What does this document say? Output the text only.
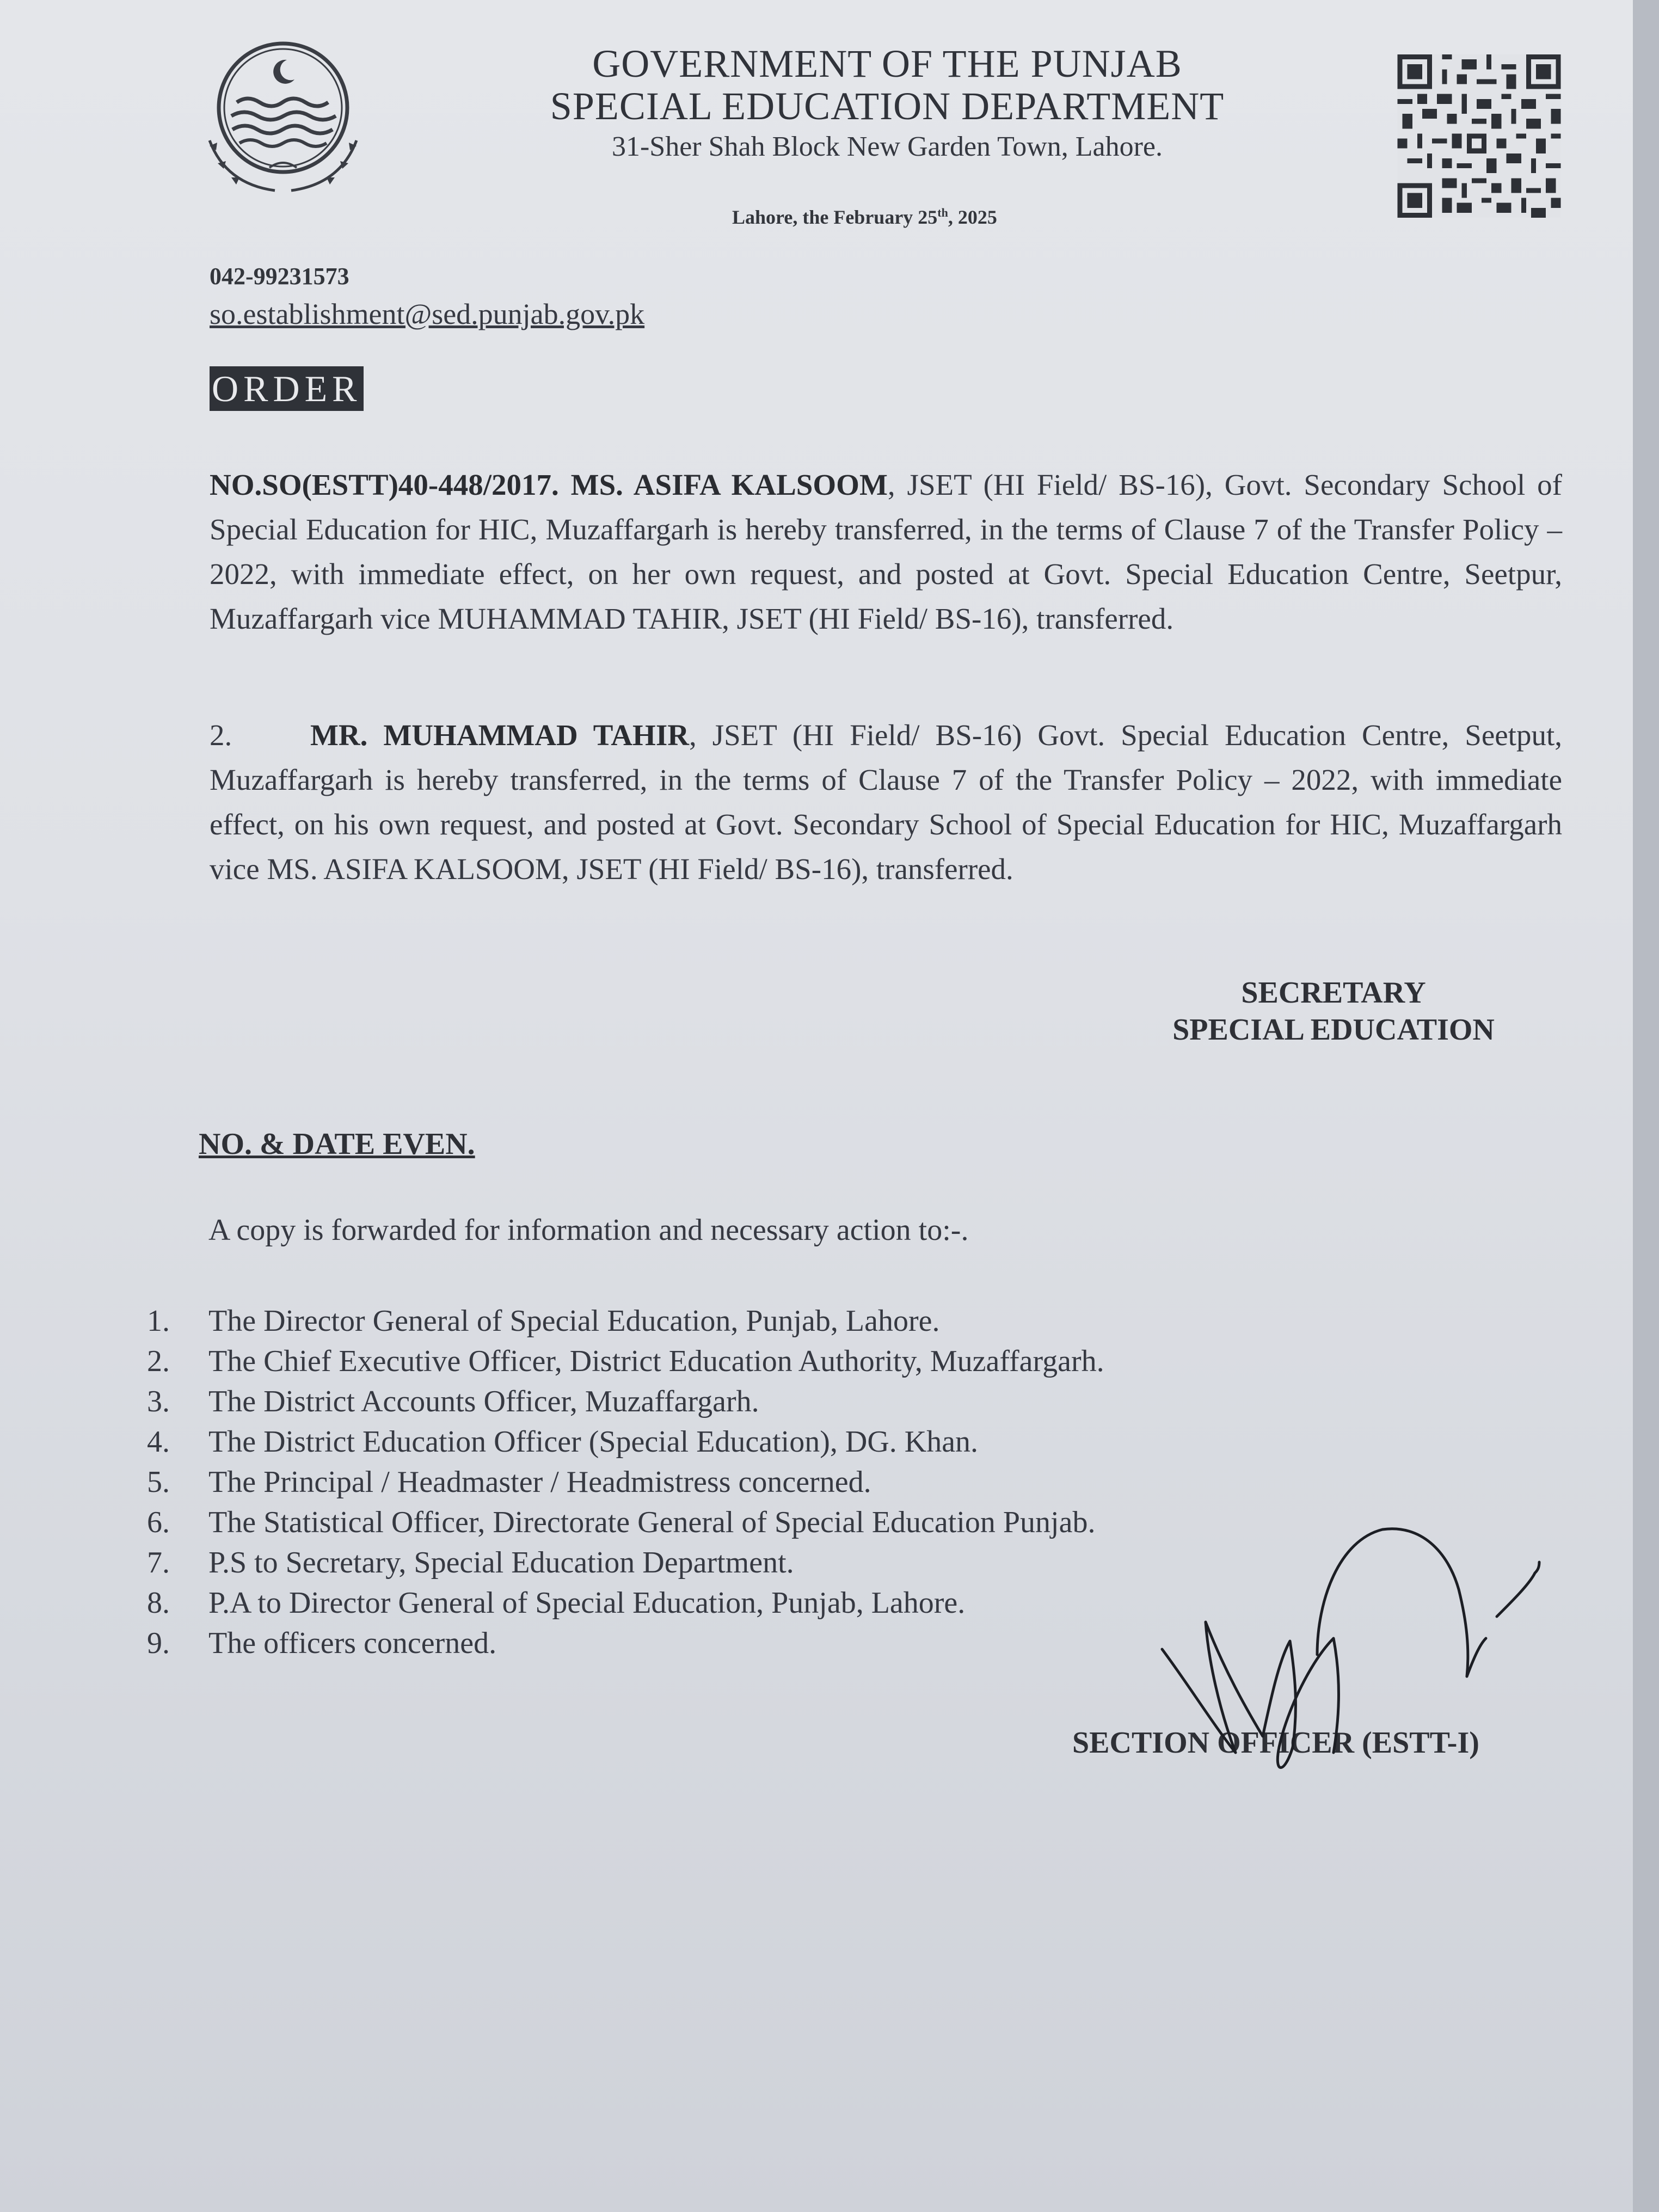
GOVERNMENT OF THE PUNJAB
SPECIAL EDUCATION DEPARTMENT
31-Sher Shah Block New Garden Town, Lahore.
Lahore, the February 25th, 2025
042-99231573
so.establishment@sed.punjab.gov.pk
ORDER
NO.SO(ESTT)40-448/2017. MS. ASIFA KALSOOM, JSET (HI Field/ BS-16), Govt. Secondary School of Special Education for HIC, Muzaffargarh is hereby transferred, in the terms of Clause 7 of the Transfer Policy – 2022, with immediate effect, on her own request, and posted at Govt. Special Education Centre, Seetpur, Muzaffargarh vice MUHAMMAD TAHIR, JSET (HI Field/ BS-16), transferred.
2.	MR. MUHAMMAD TAHIR, JSET (HI Field/ BS-16) Govt. Special Education Centre, Seetput, Muzaffargarh is hereby transferred, in the terms of Clause 7 of the Transfer Policy – 2022, with immediate effect, on his own request, and posted at Govt. Secondary School of Special Education for HIC, Muzaffargarh vice MS. ASIFA KALSOOM, JSET (HI Field/ BS-16), transferred.
SECRETARY
SPECIAL EDUCATION
NO. & DATE EVEN.
A copy is forwarded for information and necessary action to:-.
1.	The Director General of Special Education, Punjab, Lahore.
2.	The Chief Executive Officer, District Education Authority, Muzaffargarh.
3.	The District Accounts Officer, Muzaffargarh.
4.	The District Education Officer (Special Education), DG. Khan.
5.	The Principal / Headmaster / Headmistress concerned.
6.	The Statistical Officer, Directorate General of Special Education Punjab.
7.	P.S to Secretary, Special Education Department.
8.	P.A to Director General of Special Education, Punjab, Lahore.
9.	The officers concerned.
SECTION OFFICER (ESTT-I)
